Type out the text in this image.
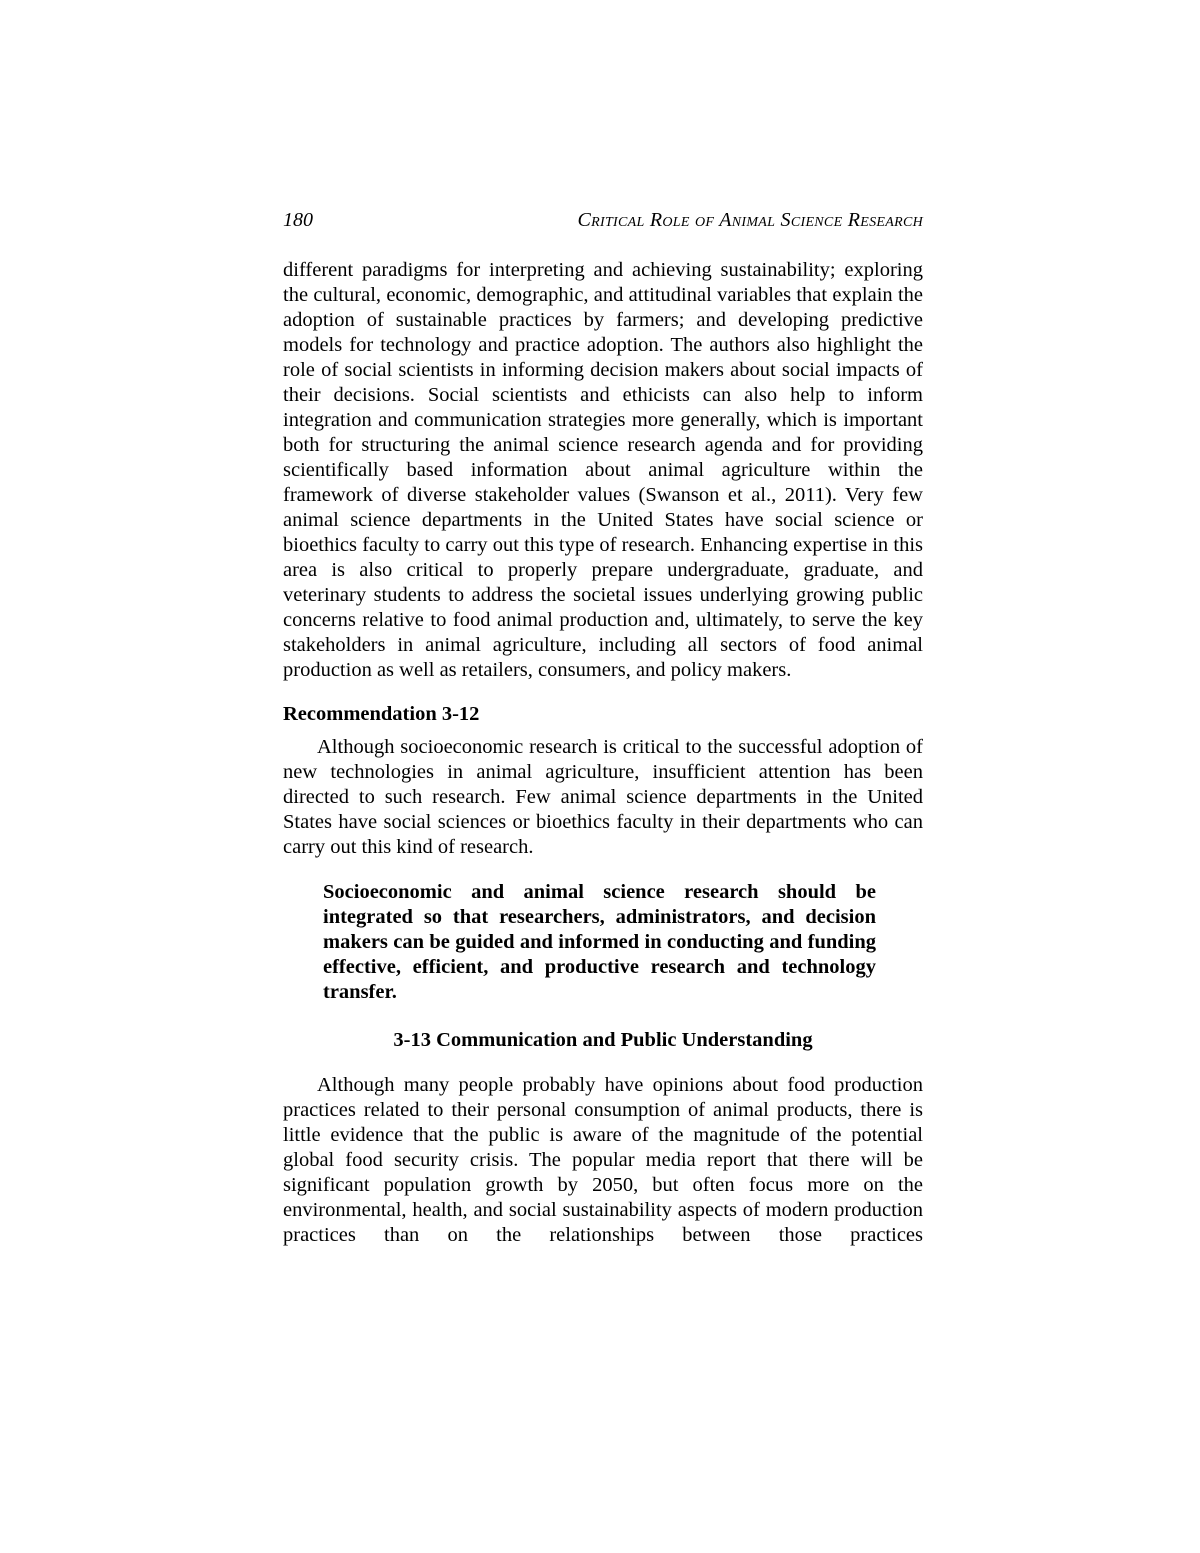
180	Critical Role of Animal Science Research

different paradigms for interpreting and achieving sustainability; exploring the cultural, economic, demographic, and attitudinal variables that explain the adoption of sustainable practices by farmers; and developing predictive models for technology and practice adoption. The authors also highlight the role of social scientists in informing decision makers about social impacts of their decisions. Social scientists and ethicists can also help to inform integration and communication strategies more generally, which is important both for structuring the animal science research agenda and for providing scientifically based information about animal agriculture within the framework of diverse stakeholder values (Swanson et al., 2011). Very few animal science departments in the United States have social science or bioethics faculty to carry out this type of research. Enhancing expertise in this area is also critical to properly prepare undergraduate, graduate, and veterinary students to address the societal issues underlying growing public concerns relative to food animal production and, ultimately, to serve the key stakeholders in animal agriculture, including all sectors of food animal production as well as retailers, consumers, and policy makers.

Recommendation 3-12

Although socioeconomic research is critical to the successful adoption of new technologies in animal agriculture, insufficient attention has been directed to such research. Few animal science departments in the United States have social sciences or bioethics faculty in their departments who can carry out this kind of research.

Socioeconomic and animal science research should be integrated so that researchers, administrators, and decision makers can be guided and informed in conducting and funding effective, efficient, and productive research and technology transfer.

3-13 Communication and Public Understanding

Although many people probably have opinions about food production practices related to their personal consumption of animal products, there is little evidence that the public is aware of the magnitude of the potential global food security crisis. The popular media report that there will be significant population growth by 2050, but often focus more on the environmental, health, and social sustainability aspects of modern production practices than on the relationships between those practices
